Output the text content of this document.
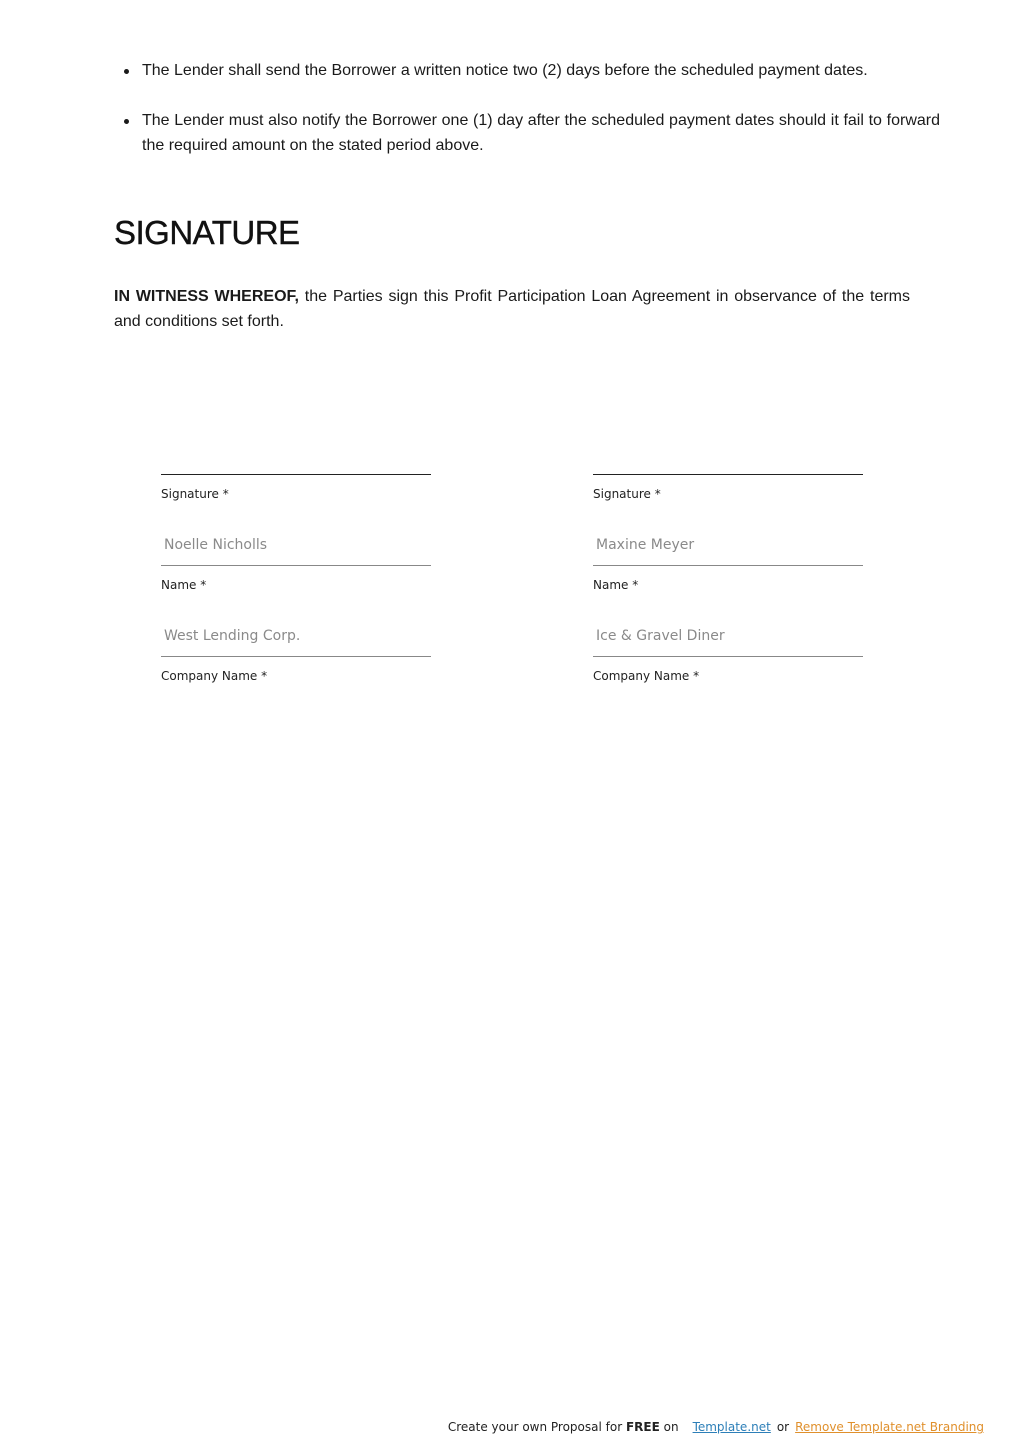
The Lender shall send the Borrower a written notice two (2) days before the scheduled payment dates.
The Lender must also notify the Borrower one (1) day after the scheduled payment dates should it fail to forward the required amount on the stated period above.
SIGNATURE

IN WITNESS WHEREOF, the Parties sign this Profit Participation Loan Agreement in observance of the terms and conditions set forth.

Signature *
Noelle Nicholls
Name *
West Lending Corp.
Company Name *
Signature *
Maxine Meyer
Name *
Ice & Gravel Diner
Company Name *
Create your own Proposal for FREE on Template.net or Remove Template.net Branding
